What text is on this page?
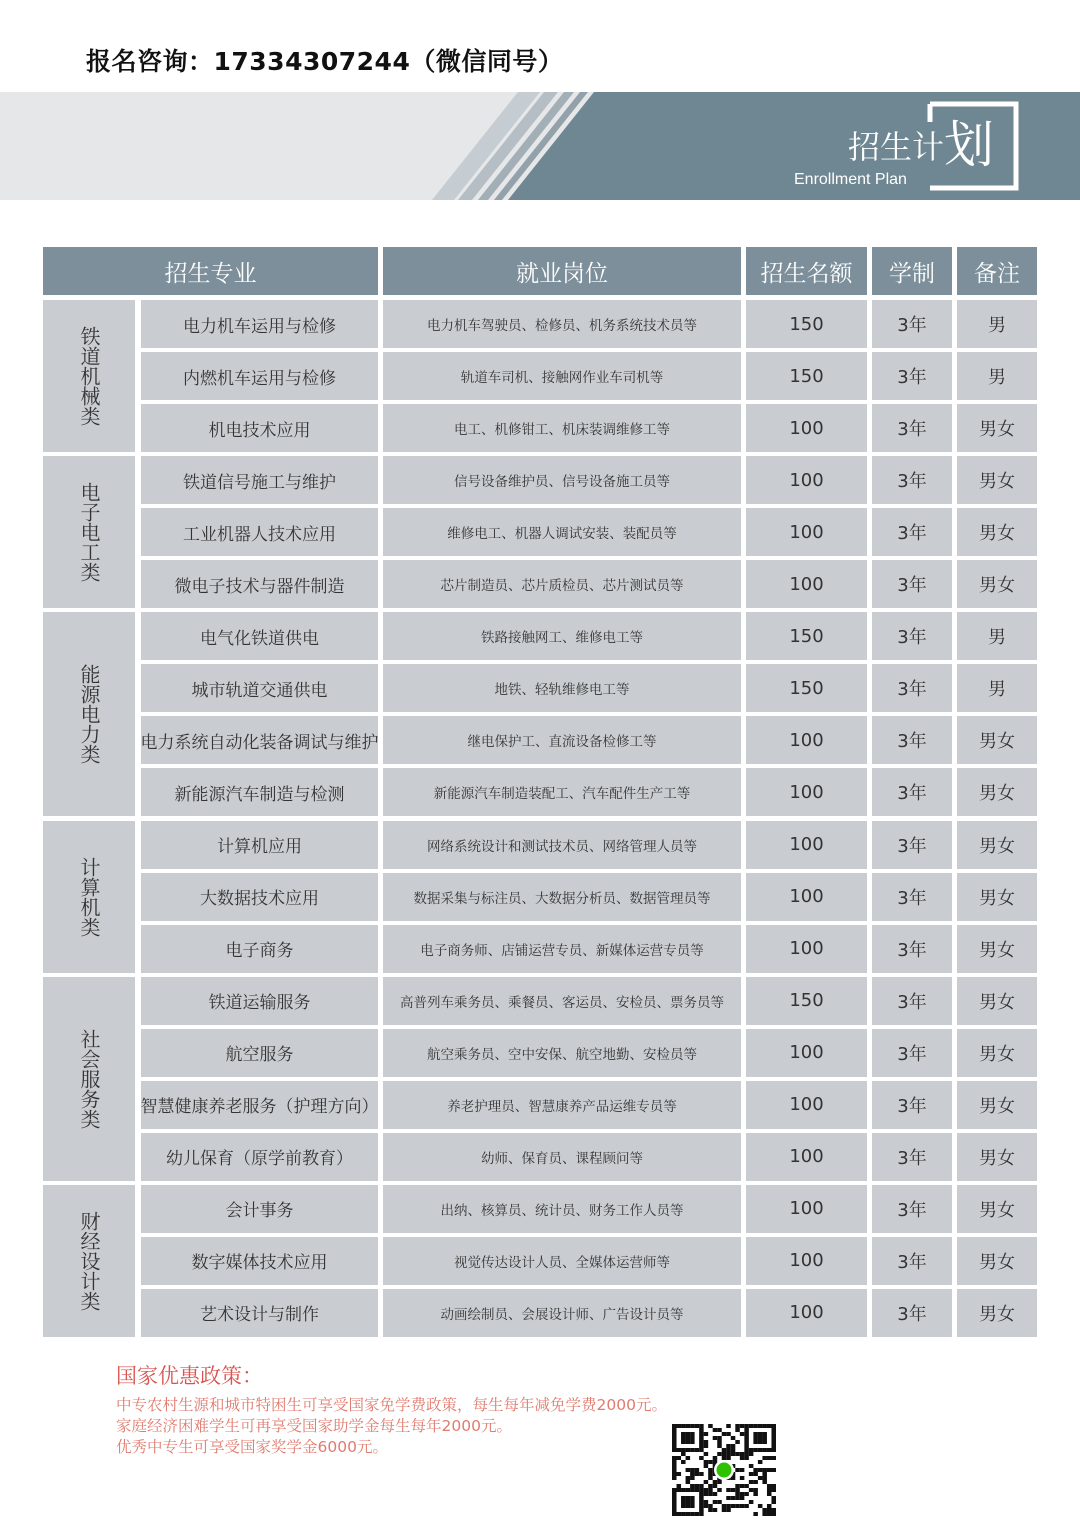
报名咨询：17334307244（微信同号）
招生计划
Enrollment Plan
招生专业	就业岗位	招生名额 学制 备注
铁道机械类	电力机车运用与检修	电力机车驾驶员、检修员、机务系统技术员等	150	3年	男
内燃机车运用与检修	轨道车司机、接触网作业车司机等	150	3年	男
机电技术应用	电工、机修钳工、机床装调维修工等	100	3年	男女
电子电工类	铁道信号施工与维护	信号设备维护员、信号设备施工员等	100	3年	男女
工业机器人技术应用	维修电工、机器人调试安装、装配员等	100	3年	男女
微电子技术与器件制造	芯片制造员、芯片质检员、芯片测试员等	100	3年	男女
能源电力类
电气化铁道供电	铁路接触网工、维修电工等	150	3年	男
城市轨道交通供电	地铁、轻轨维修电工等	150	3年	男
电力系统自动化装备调试与维护	继电保护工、直流设备检修工等	100	3年	男女
新能源汽车制造与检测	新能源汽车制造装配工、汽车配件生产工等	100	3年	男女
计算机类
计算机应用	网络系统设计和测试技术员、网络管理人员等	100	3年	男女
大数据技术应用	数据采集与标注员、大数据分析员、数据管理员等	100	3年	男女
电子商务	电子商务师、店铺运营专员、新媒体运营专员等	100	3年	男女
社会服务类
铁道运输服务	高普列车乘务员、乘餐员、客运员、安检员、票务员等	150	3年	男女
航空服务	航空乘务员、空中安保、航空地勤、安检员等	100	3年	男女
智慧健康养老服务（护理方向）	养老护理员、智慧康养产品运维专员等	100	3年	男女
幼儿保育（原学前教育）	幼师、保育员、课程顾问等	100	3年	男女
财经设计类	会计事务	出纳、核算员、统计员、财务工作人员等	100	3年	男女
数字媒体技术应用	视觉传达设计人员、全媒体运营师等	100	3年	男女
艺术设计与制作	动画绘制员、会展设计师、广告设计员等	100	3年	男女
国家优惠政策：
中专农村生源和城市特困生可享受国家免学费政策，每生每年减免学费2000元。
家庭经济困难学生可再享受国家助学金每生每年2000元。
优秀中专生可享受国家奖学金6000元。
